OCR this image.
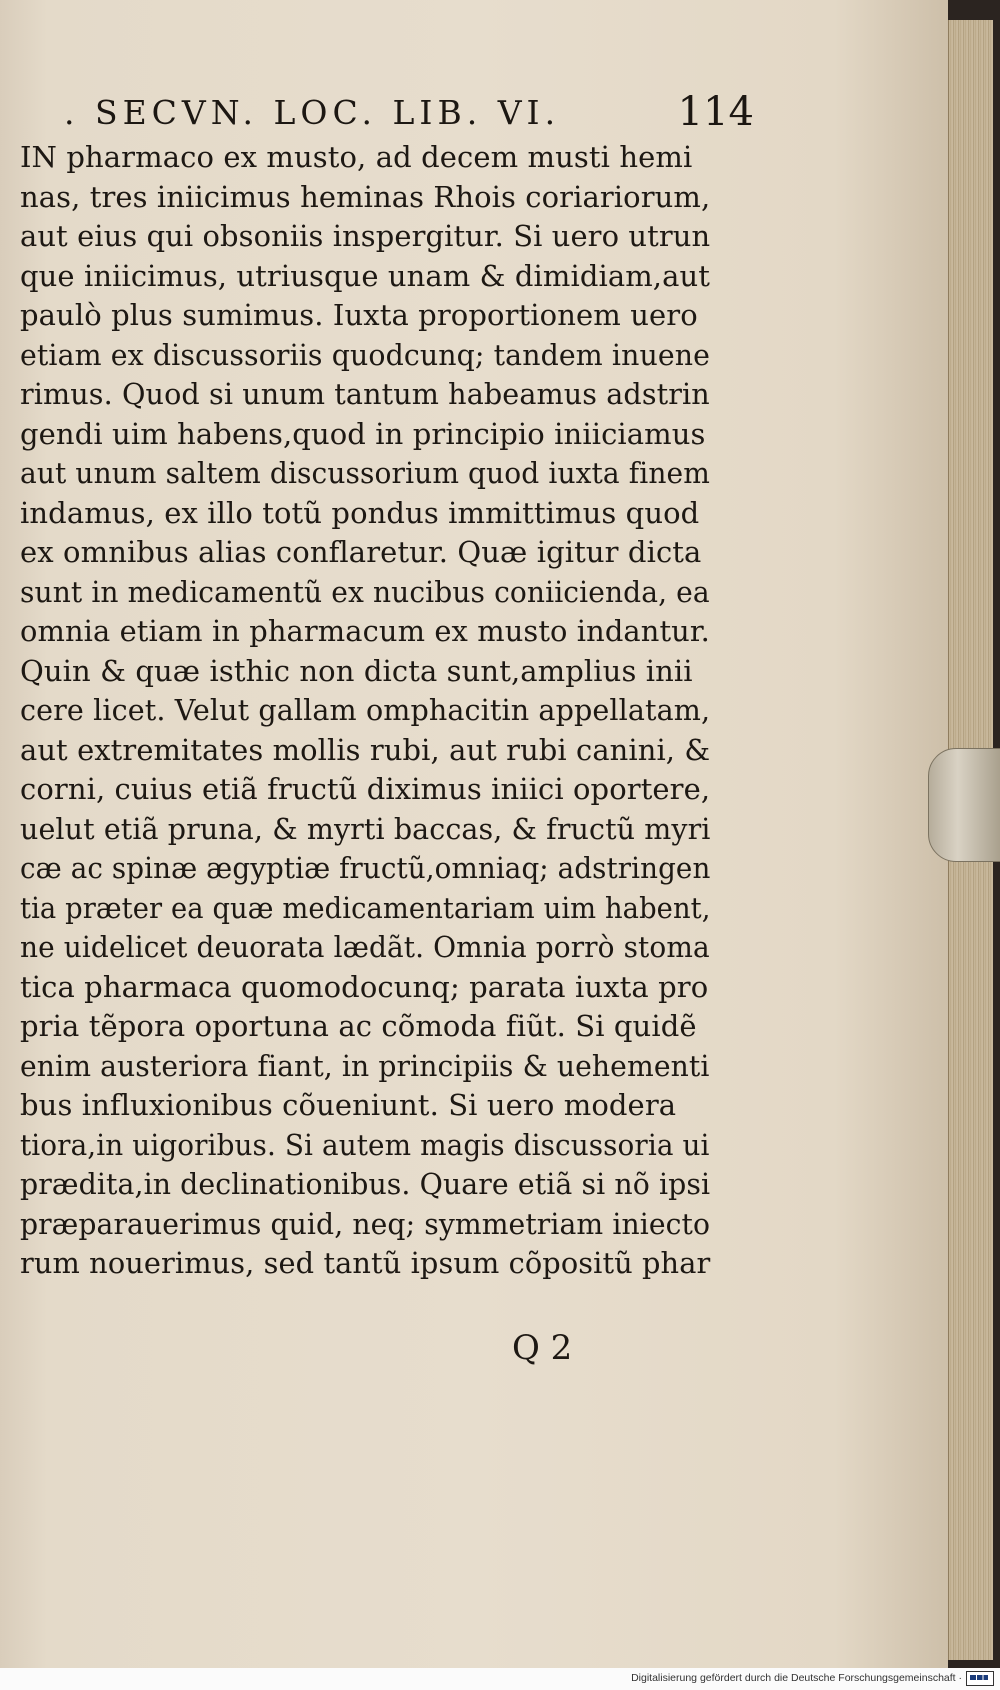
. SECVN. LOC. LIB. VI.	114
IN pharmaco ex musto, ad decem musti hemi
nas, tres iniicimus heminas Rhois coriariorum,
aut eius qui obsoniis inspergitur. Si uero utrun
que iniicimus, utriusque unam & dimidiam,aut
paulò plus sumimus. Iuxta proportionem uero
etiam ex discussoriis quodcunq; tandem inuene
rimus. Quod si unum tantum habeamus adstrin
gendi uim habens,quod in principio iniiciamus
aut unum saltem discussorium quod iuxta finem
indamus, ex illo totũ pondus immittimus quod
ex omnibus alias conflaretur. Quæ igitur dicta
sunt in medicamentũ ex nucibus coniicienda, ea
omnia etiam in pharmacum ex musto indantur.
Quin & quæ isthic non dicta sunt,amplius inii
cere licet. Velut gallam omphacitin appellatam,
aut extremitates mollis rubi, aut rubi canini, &
corni, cuius etiã fructũ diximus iniici oportere,
uelut etiã pruna, & myrti baccas, & fructũ myri
cæ ac spinæ ægyptiæ fructũ,omniaq; adstringen
tia præter ea quæ medicamentariam uim habent,
ne uidelicet deuorata lædãt. Omnia porrò stoma
tica pharmaca quomodocunq; parata iuxta pro
pria tẽpora oportuna ac cõmoda fiũt. Si quidẽ
enim austeriora fiant, in principiis & uehementi
bus influxionibus cõueniunt. Si uero modera
tiora,in uigoribus. Si autem magis discussoria ui
prædita,in declinationibus. Quare etiã si nõ ipsi
præparauerimus quid, neq; symmetriam iniecto
rum nouerimus, sed tantũ ipsum cõpositũ phar
Q 2
Digitalisierung gefördert durch die Deutsche Forschungsgemeinschaft ·
